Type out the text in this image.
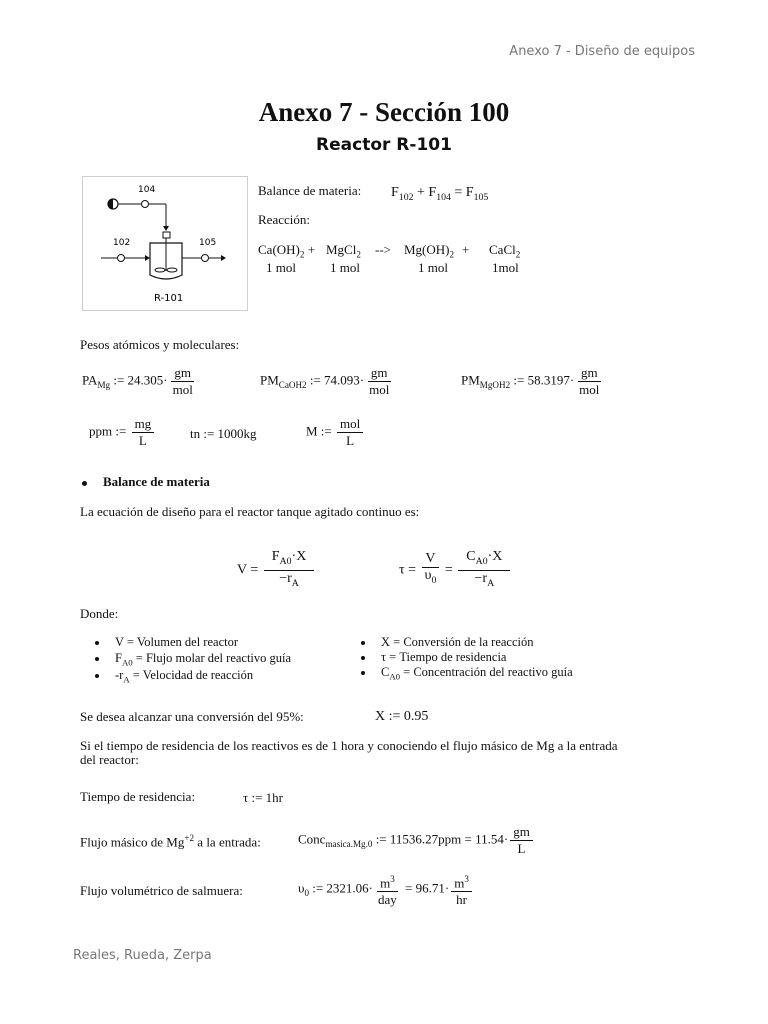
Anexo 7 - Diseño de equipos
Reales, Rueda, Zerpa
Anexo 7 - Sección 100
Reactor R-101
104
102	105
R-101
Balance de materia: $F_{102} + F_{104} = F_{105}$
Reacción:
$Ca(OH)_2$ + MgCl$_2$ --> $Mg(OH)_2$ + CaCl$_2$
1 mol	1 mol	1 mol	1mol
Pesos atómicos y moleculares:
$PA_{Mg}$ := $24.305\cdot \frac{gm}{\text{mol}}$	$PM_{CaOH2}$ := $74.093\cdot \frac{gm}{\text{mol}}$	$PM_{MgOH2}$ := $58.3197\cdot \frac{gm}{\text{mol}}$
ppm := $\frac{mg}{L}$	tn := 1000kg	M := $\frac{\text{mol}}{L}$
Balance de materia
La ecuación de diseño para el reactor tanque agitado continuo es:
$V = \frac{F_{A0}\cdot X}{-r_A}$	$\tau = \frac{V}{\upsilon_0} = \frac{C_{A0}\cdot X}{-r_A}$
Donde:
V = Volumen del reactor
$F_{A0}$ = Flujo molar del reactivo guía
$-r_A$ = Velocidad de reacción
X = Conversión de la reacción
τ = Tiempo de residencia
$C_{A0}$ = Concentración del reactivo guía
Se desea alcanzar una conversión del 95%:	X := 0.95
Si el tiempo de residencia de los reactivos es de 1 hora y conociendo el flujo másico de Mg a la entrada
del reactor:
Tiempo de residencia:	τ := 1hr
Flujo másico de $Mg^{+2}$ a la entrada:	Conc$_{masica.Mg.0}$ := $11536.27ppm = 11.54\cdot \frac{gm}{L}$
Flujo volumétrico de salmuera:	$\upsilon_0$ := $2321.06\cdot \frac{m^3}{\text{day}} = 96.71\cdot \frac{m^3}{hr}$
